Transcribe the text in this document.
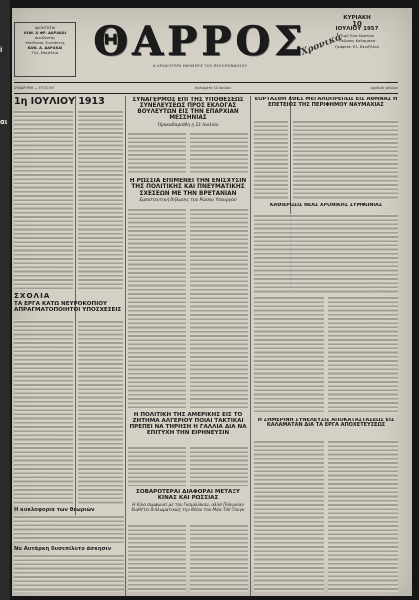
i
αι
ΙΔΙΟΚΤΗΤΑΙ
ΚΩΝ. & ΦΡ. ΔΑΡΑΚΑΙ
Διευθυντής
Υπεύθυνος Συντάκτης
ΚΩΝ. Α. ΔΑΡΑΚΑΙ
Τηλ. Επιμέλεια ΘΑΡΡΟΣ
Η ΑΡΧΑΙΟΤΕΡΑ ΕΦΗΜΕΡΙΣ ΤΗΣ ΠΕΛΟΠΟΝΝΗΣΟΥ
Χρονικά
ΚΥΡΙΑΚΗ
10
ΙΟΥΛΙΟΥ 1957
Τιμή Ένα Χαρτίον
Έκδοσις Καλαμάτα
Γραφεία: Ελ. Βενιζέλου
ΣΥΝΔΡΟΜΗ — ΕΤΟΣ ΛΘ΄	Καλαμάτα 10 Ιουλίου	Αριθμός φύλλου
1η ΙΟΥΛΙΟΥ 1913
ΣΧΟΛΙΑ
ΤΑ ΕΡΓΑ ΚΑΤΩ ΝΕΥΡΟΚΟΠΙΟΥ ΑΠΡΑΓΜΑΤΟΠΟΙΗΤΟΙ ΥΠΟΣΧΕΣΕΙΣ
Η κυκλοφορία των θεωριών
Νο Αυτάρκη δυσεπίλυτο άσκησιν
ΣΥΝΑΓΕΡΜΟΣ ΕΠΙ ΤΗΣ ΥΠΟΘΕΣΕΩΣ ΣΥΝΕΛΕΥΣΕΩΣ ΠΡΟΣ ΕΚΛΟΓΑΣ ΒΟΥΛΕΥΤΩΝ ΕΙΣ ΤΗΝ ΕΠΑΡΧΙΑΝ ΜΕΣΣΗΝΙΑΣ
Προκαθαρίσθη η 21 Ιουλίου
Η ΡΩΣΣΙΑ ΕΠΙΜΕΝΕΙ ΤΗΝ ΕΝΙΣΧΥΣΙΝ ΤΗΣ ΠΟΛΙΤΙΚΗΣ ΚΑΙ ΠΝΕΥΜΑΤΙΚΗΣ ΣΧΕΣΕΩΝ ΜΕ ΤΗΝ ΒΡΕΤΑΝΙΑΝ
Εμπιστευτική δήλωσις του Ρώσου Υπουργού
Η ΠΟΛΙΤΙΚΗ ΤΗΣ ΑΜΕΡΙΚΗΣ ΕΙΣ ΤΟ ΖΗΤΗΜΑ ΑΛΓΕΡΙΟΥ ΠΟΙΑΙ ΤΑΚΤΙΚΑΙ ΠΡΕΠΕΙ ΝΑ ΤΗΡΗΣΗ Η ΓΑΛΛΙΑ ΔΙΑ ΝΑ ΕΠΙΤΥΧΗ ΤΗΝ ΕΙΡΗΝΕΥΣΙΝ
ΣΟΒΑΡΟΤΕΡΑΙ ΔΙΑΦΟΡΑΙ ΜΕΤΑΞΥ ΚΙΝΑΣ ΚΑΙ ΡΩΣΣΙΑΣ
Η Κίνα συμφωνεί με τον Γκομούλκαν, αλλά Πολωνίαν διαθέτει διπλωματικώς την θέσιν του Μάο-Τσέ-Τουγκ
ΕΟΡΤΑΣΘΗ ΧΘΕΣ ΜΕΓΑΛΟΠΡΕΠΩΣ ΕΙΣ ΑΘΗΝΑΣ Η ΕΠΕΤΕΙΟΣ ΤΗΣ ΠΕΡΙΦΗΜΟΥ ΝΑΥΜΑΧΙΑΣ
ΚΑΘΙΕΡΩΣΙΣ ΝΕΑΣ ΧΡΟΝΙΚΗΣ ΣΥΜΦΩΝΙΑΣ
Η ΣΗΜΕΡΙΝΗ ΣΥΝΕΛΕΥΣΙΣ ΑΠΟΚΑΤΑΣΤΑΣΕΩΣ ΕΙΣ ΚΑΛΑΜΑΤΑΝ ΔΙΑ ΤΑ ΕΡΓΑ ΑΠΟΧΕΤΕΥΣΕΩΣ
